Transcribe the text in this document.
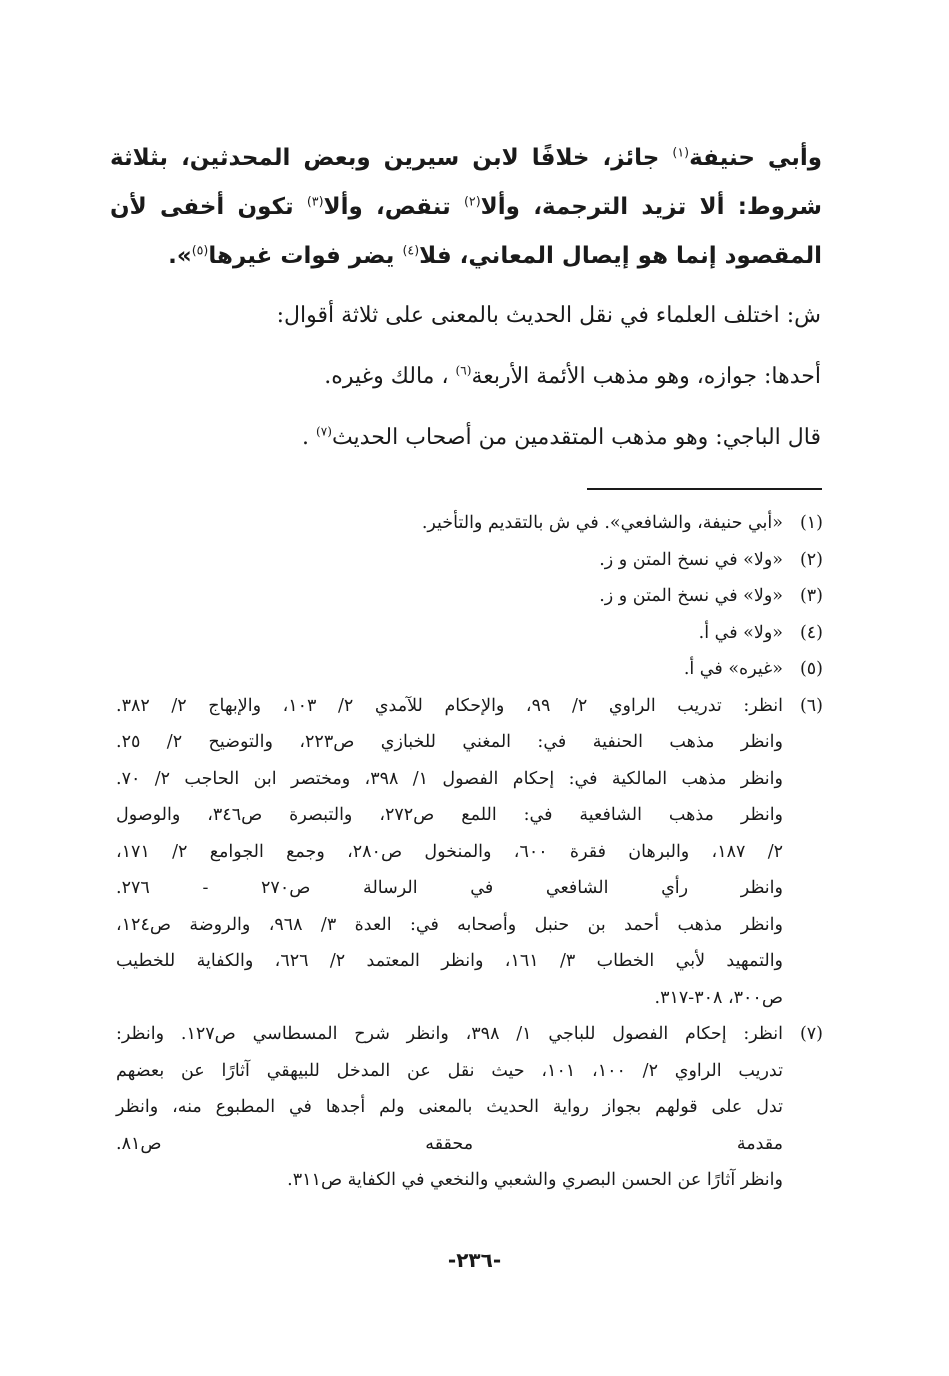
وأبي حنيفة$^{(١)}$ جائز، خلافًا لابن سيرين وبعض المحدثين، بثلاثة شروط: ألا تزيد الترجمة، وألا$^{(٢)}$ تنقص، وألا$^{(٣)}$ تكون أخفى لأن المقصود إنما هو إيصال المعاني، فلا$^{(٤)}$ يضر فوات غيرها$^{(٥)}$».

ش: اختلف العلماء في نقل الحديث بالمعنى على ثلاثة أقوال:

أحدها: جوازه، وهو مذهب الأئمة الأربعة$^{(٦)}$ ، مالك وغيره.

قال الباجي: وهو مذهب المتقدمين من أصحاب الحديث$^{(٧)}$ .

(١)
«أبي حنيفة، والشافعي». في ش بالتقديم والتأخير.
(٢)
«ولا» في نسخ المتن و ز.
(٣)
«ولا» في نسخ المتن و ز.
(٤)
«ولا» في أ.
(٥)
«غيره» في أ.
(٦)
انظر: تدريب الراوي ٢/ ٩٩، والإحكام للآمدي ٢/ ١٠٣، والإبهاج ٢/ ٣٨٢.
وانظر مذهب الحنفية في: المغني للخبازي ص٢٢٣، والتوضيح ٢/ ٢٥.
وانظر مذهب المالكية في: إحكام الفصول ١/ ٣٩٨، ومختصر ابن الحاجب ٢/ ٧٠.
وانظر مذهب الشافعية في: اللمع ص٢٧٢، والتبصرة ص٣٤٦، والوصول
٢/ ١٨٧، والبرهان فقرة ٦٠٠، والمنخول ص٢٨٠، وجمع الجوامع ٢/ ١٧١،
وانظر رأي الشافعي في الرسالة ص٢٧٠ - ٢٧٦.
وانظر مذهب أحمد بن حنبل وأصحابه في: العدة ٣/ ٩٦٨، والروضة ص١٢٤،
والتمهيد لأبي الخطاب ٣/ ١٦١، وانظر المعتمد ٢/ ٦٢٦، والكفاية للخطيب
ص٣٠٠، ٣٠٨-٣١٧.
(٧)
انظر: إحكام الفصول للباجي ١/ ٣٩٨، وانظر شرح المسطاسي ص١٢٧. وانظر:
تدريب الراوي ٢/ ١٠٠، ١٠١، حيث نقل عن المدخل للبيهقي آثارًا عن بعضهم
تدل على قولهم بجواز رواية الحديث بالمعنى ولم أجدها في المطبوع منه، وانظر
مقدمة محققه ص٨١.
وانظر آثارًا عن الحسن البصري والشعبي والنخعي في الكفاية ص٣١١.
-٢٣٦-
